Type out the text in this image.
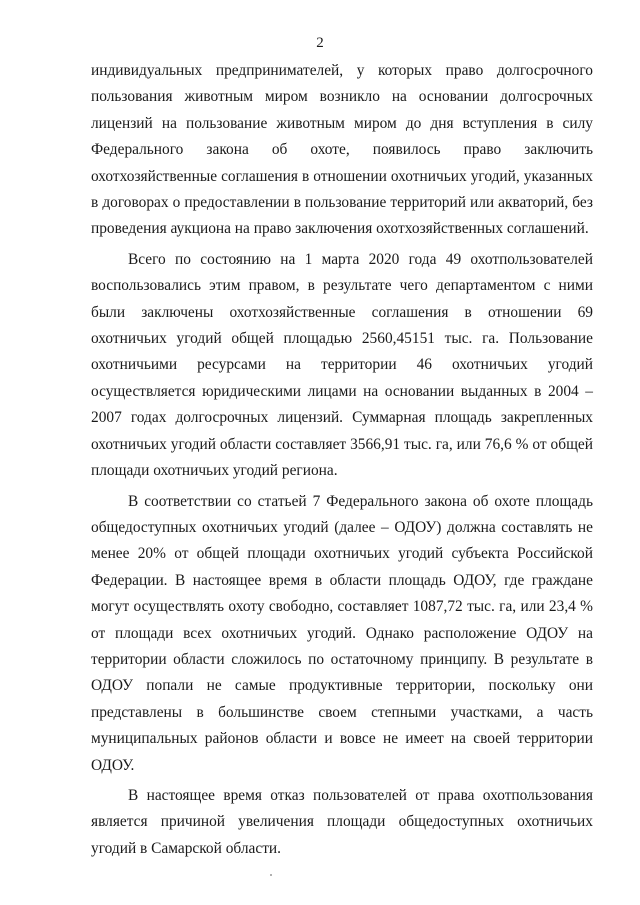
2

индивидуальных предпринимателей, у которых право долгосрочного пользования животным миром возникло на основании долгосрочных лицензий на пользование животным миром до дня вступления в силу Федерального закона об охоте, появилось право заключить охотхозяйственные соглашения в отношении охотничьих угодий, указанных в договорах о предоставлении в пользование территорий или акваторий, без проведения аукциона на право заключения охотхозяйственных соглашений.

Всего по состоянию на 1 марта 2020 года 49 охотпользователей воспользовались этим правом, в результате чего департаментом с ними были заключены охотхозяйственные соглашения в отношении 69 охотничьих угодий общей площадью 2560,45151 тыс. га. Пользование охотничьими ресурсами на территории 46 охотничьих угодий осуществляется юридическими лицами на основании выданных в 2004 – 2007 годах долгосрочных лицензий. Суммарная площадь закрепленных охотничьих угодий области составляет 3566,91 тыс. га, или 76,6 % от общей площади охотничьих угодий региона.

В соответствии со статьей 7 Федерального закона об охоте площадь общедоступных охотничьих угодий (далее – ОДОУ) должна составлять не менее 20% от общей площади охотничьих угодий субъекта Российской Федерации. В настоящее время в области площадь ОДОУ, где граждане могут осуществлять охоту свободно, составляет 1087,72 тыс. га, или 23,4 % от площади всех охотничьих угодий. Однако расположение ОДОУ на территории области сложилось по остаточному принципу. В результате в ОДОУ попали не самые продуктивные территории, поскольку они представлены в большинстве своем степными участками, а часть муниципальных районов области и вовсе не имеет на своей территории ОДОУ.

В настоящее время отказ пользователей от права охотпользования является причиной увеличения площади общедоступных охотничьих угодий в Самарской области.
